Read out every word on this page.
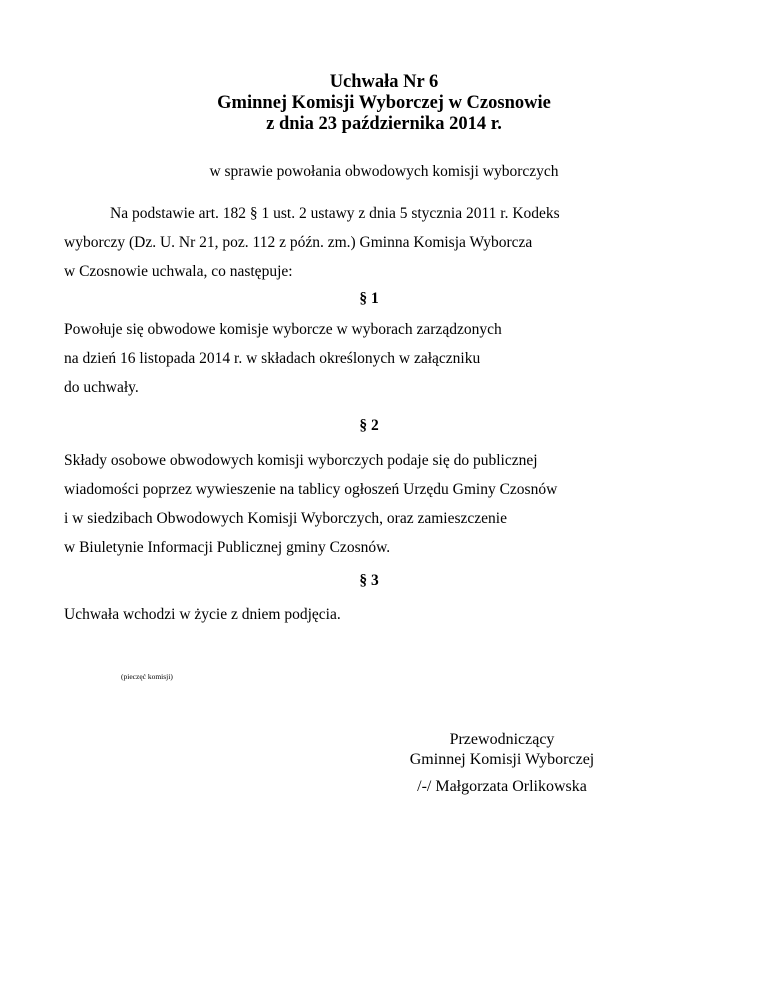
Uchwała Nr 6
Gminnej Komisji Wyborczej w Czosnowie
z dnia 23 października 2014 r.
w sprawie powołania obwodowych komisji wyborczych
Na podstawie art. 182 § 1 ust. 2 ustawy z dnia 5 stycznia 2011 r. Kodeks
wyborczy (Dz. U. Nr 21, poz. 112 z późn. zm.) Gminna Komisja Wyborcza
w Czosnowie uchwala, co następuje:
§ 1
Powołuje się obwodowe komisje wyborcze w wyborach zarządzonych
na dzień 16 listopada 2014 r. w składach określonych w załączniku
do uchwały.
§ 2
Składy osobowe obwodowych komisji wyborczych podaje się do publicznej
wiadomości poprzez wywieszenie na tablicy ogłoszeń Urzędu Gminy Czosnów
i w siedzibach Obwodowych Komisji Wyborczych, oraz zamieszczenie
w Biuletynie Informacji Publicznej gminy Czosnów.
§ 3
Uchwała wchodzi w życie z dniem podjęcia.
(pieczęć komisji)
Przewodniczący
Gminnej Komisji Wyborczej
/-/ Małgorzata Orlikowska
